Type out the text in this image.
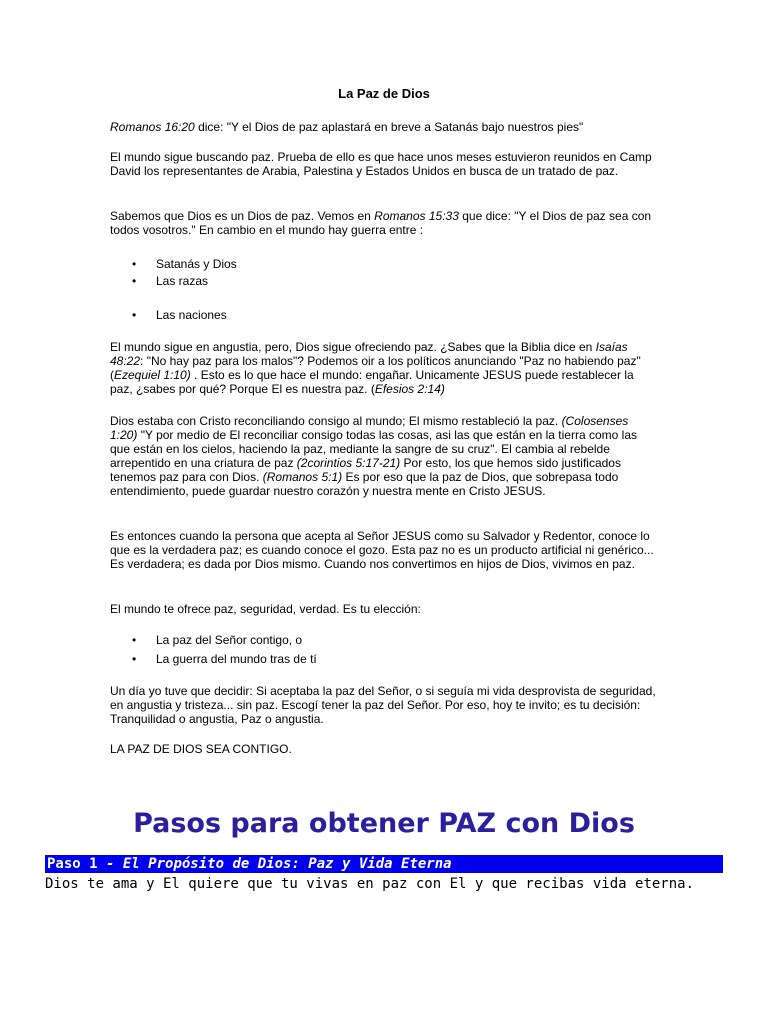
La Paz de Dios

Romanos 16:20 dice: "Y el Dios de paz aplastará en breve a Satanás bajo nuestros pies"

El mundo sigue buscando paz. Prueba de ello es que hace unos meses estuvieron reunidos en Camp David los representantes de Arabia, Palestina y Estados Unidos en busca de un tratado de paz.

Sabemos que Dios es un Dios de paz. Vemos en Romanos 15:33 que dice: "Y el Dios de paz sea con todos vosotros." En cambio en el mundo hay guerra entre :

• Satanás y Dios
• Las razas
• Las naciones

El mundo sigue en angustia, pero, Dios sigue ofreciendo paz. ¿Sabes que la Biblia dice en Isaías 48:22: "No hay paz para los malos"? Podemos oir a los políticos anunciando "Paz no habiendo paz" (Ezequiel 1:10) . Esto es lo que hace el mundo: engañar. Unicamente JESUS puede restablecer la paz, ¿sabes por qué? Porque El es nuestra paz. (Efesios 2:14)

Dios estaba con Cristo reconciliando consigo al mundo; El mismo restableció la paz. (Colosenses 1:20) "Y por medio de El reconciliar consigo todas las cosas, asi las que están en la tierra como las que están en los cielos, haciendo la paz, mediante la sangre de su cruz". El cambia al rebelde arrepentido en una criatura de paz (2corintios 5:17-21) Por esto, los que hemos sido justificados tenemos paz para con Dios. (Romanos 5:1) Es por eso que la paz de Dios, que sobrepasa todo entendimiento, puede guardar nuestro corazón y nuestra mente en Cristo JESUS.

Es entonces cuando la persona que acepta al Señor JESUS como su Salvador y Redentor, conoce lo que es la verdadera paz; es cuando conoce el gozo. Esta paz no es un producto artificial ni genérico... Es verdadera; es dada por Dios mismo. Cuando nos convertimos en hijos de Dios, vivimos en paz.

El mundo te ofrece paz, seguridad, verdad. Es tu elección:

• La paz del Señor contigo, o
• La guerra del mundo tras de tí

Un día yo tuve que decidir: Si aceptaba la paz del Señor, o si seguía mi vida desprovista de seguridad, en angustia y tristeza... sin paz. Escogí tener la paz del Señor. Por eso, hoy te invito; es tu decisión: Tranquilidad o angustia, Paz o angustia.

LA PAZ DE DIOS SEA CONTIGO.

Pasos para obtener PAZ con Dios
Paso 1 - El Propósito de Dios: Paz y Vida Eterna
Dios te ama y El quiere que tu vivas en paz con El y que recibas vida eterna.
